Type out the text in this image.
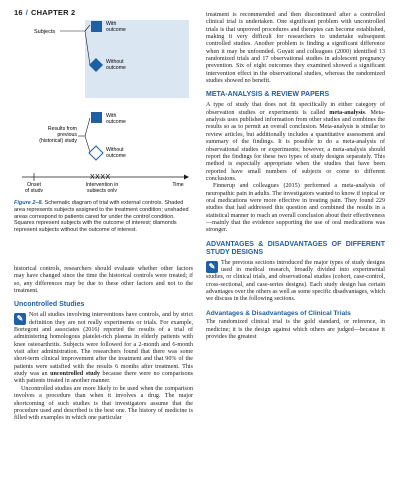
16 / CHAPTER 2
Subjects
With outcome
Without outcome
Results from previous (historical) study
With outcome
Without outcome
XXXX
Onset of study
Intervention in subjects only
Time
Figure 2–8. Schematic diagram of trial with external controls. Shaded area represents subjects assigned to the treatment condition; unshaded areas correspond to patients cared for under the control condition. Squares represent subjects with the outcome of interest; diamonds represent subjects without the outcome of interest.

historical controls, researchers should evaluate whether other factors may have changed since the time the historical controls were treated; if so, any differences may be due to these other factors and not to the treatment.

Uncontrolled Studies

✎ Not all studies involving interventions have controls, and by strict definition they are not really experiments or trials. For example, Bortegoni and associates (2016) reported the results of a trial of administering homologous platelet-rich plasma in elderly patients with knee osteoarthritis. Subjects were followed for a 2-month and 6-month visit after administration. The researchers found that there was some short-term clinical improvement after the treatment and that 90% of the patients were satisfied with the results 6 months after treatment. This study was an uncontrolled study because there were no comparisons with patients treated in another manner.

Uncontrolled studies are more likely to be used when the comparison involves a procedure than when it involves a drug. The major shortcoming of such studies is that investigators assume that the procedure used and described is the best one. The history of medicine is filled with examples in which one particular

treatment is recommended and then discontinued after a controlled clinical trial is undertaken. One significant problem with uncontrolled trials is that unproved procedures and therapies can become established, making it very difficult for researchers to undertake subsequent controlled studies. Another problem is finding a significant difference when it may be unfounded. Guyatt and colleagues (2000) identified 13 randomized trials and 17 observational studies in adolescent pregnancy prevention. Six of eight outcomes they examined showed a significant intervention effect in the observational studies, whereas the randomized studies showed no benefit.

META-ANALYSIS & REVIEW PAPERS

A type of study that does not fit specifically in either category of observation studies or experiments is called meta-analysis. Meta-analysis uses published information from other studies and combines the results so as to permit an overall conclusion. Meta-analysis is similar to review articles, but additionally includes a quantitative assessment and summary of the findings. It is possible to do a meta-analysis of observational studies or experiments; however, a meta-analysis should report the findings for these two types of study designs separately. This method is especially appropriate when the studies that have been reported have small numbers of subjects or come to different conclusions.

Finnerup and colleagues (2015) performed a meta-analysis of neuropathic pain in adults. The investigators wanted to know if topical or oral medications were more effective in treating pain. They found 229 studies that had addressed this question and combined the results in a statistical manner to reach an overall conclusion about their effectiveness—mainly that the evidence supporting the use of oral medications was stronger.

ADVANTAGES & DISADVANTAGES OF DIFFERENT STUDY DESIGNS

✎ The previous sections introduced the major types of study designs used in medical research, broadly divided into experimental studies, or clinical trials, and observational studies (cohort, case-control, cross-sectional, and case-series designs). Each study design has certain advantages over the others as well as some specific disadvantages, which we discuss in the following sections.

Advantages & Disadvantages of Clinical Trials

The randomized clinical trial is the gold standard, or reference, in medicine; it is the design against which others are judged—because it provides the greatest
